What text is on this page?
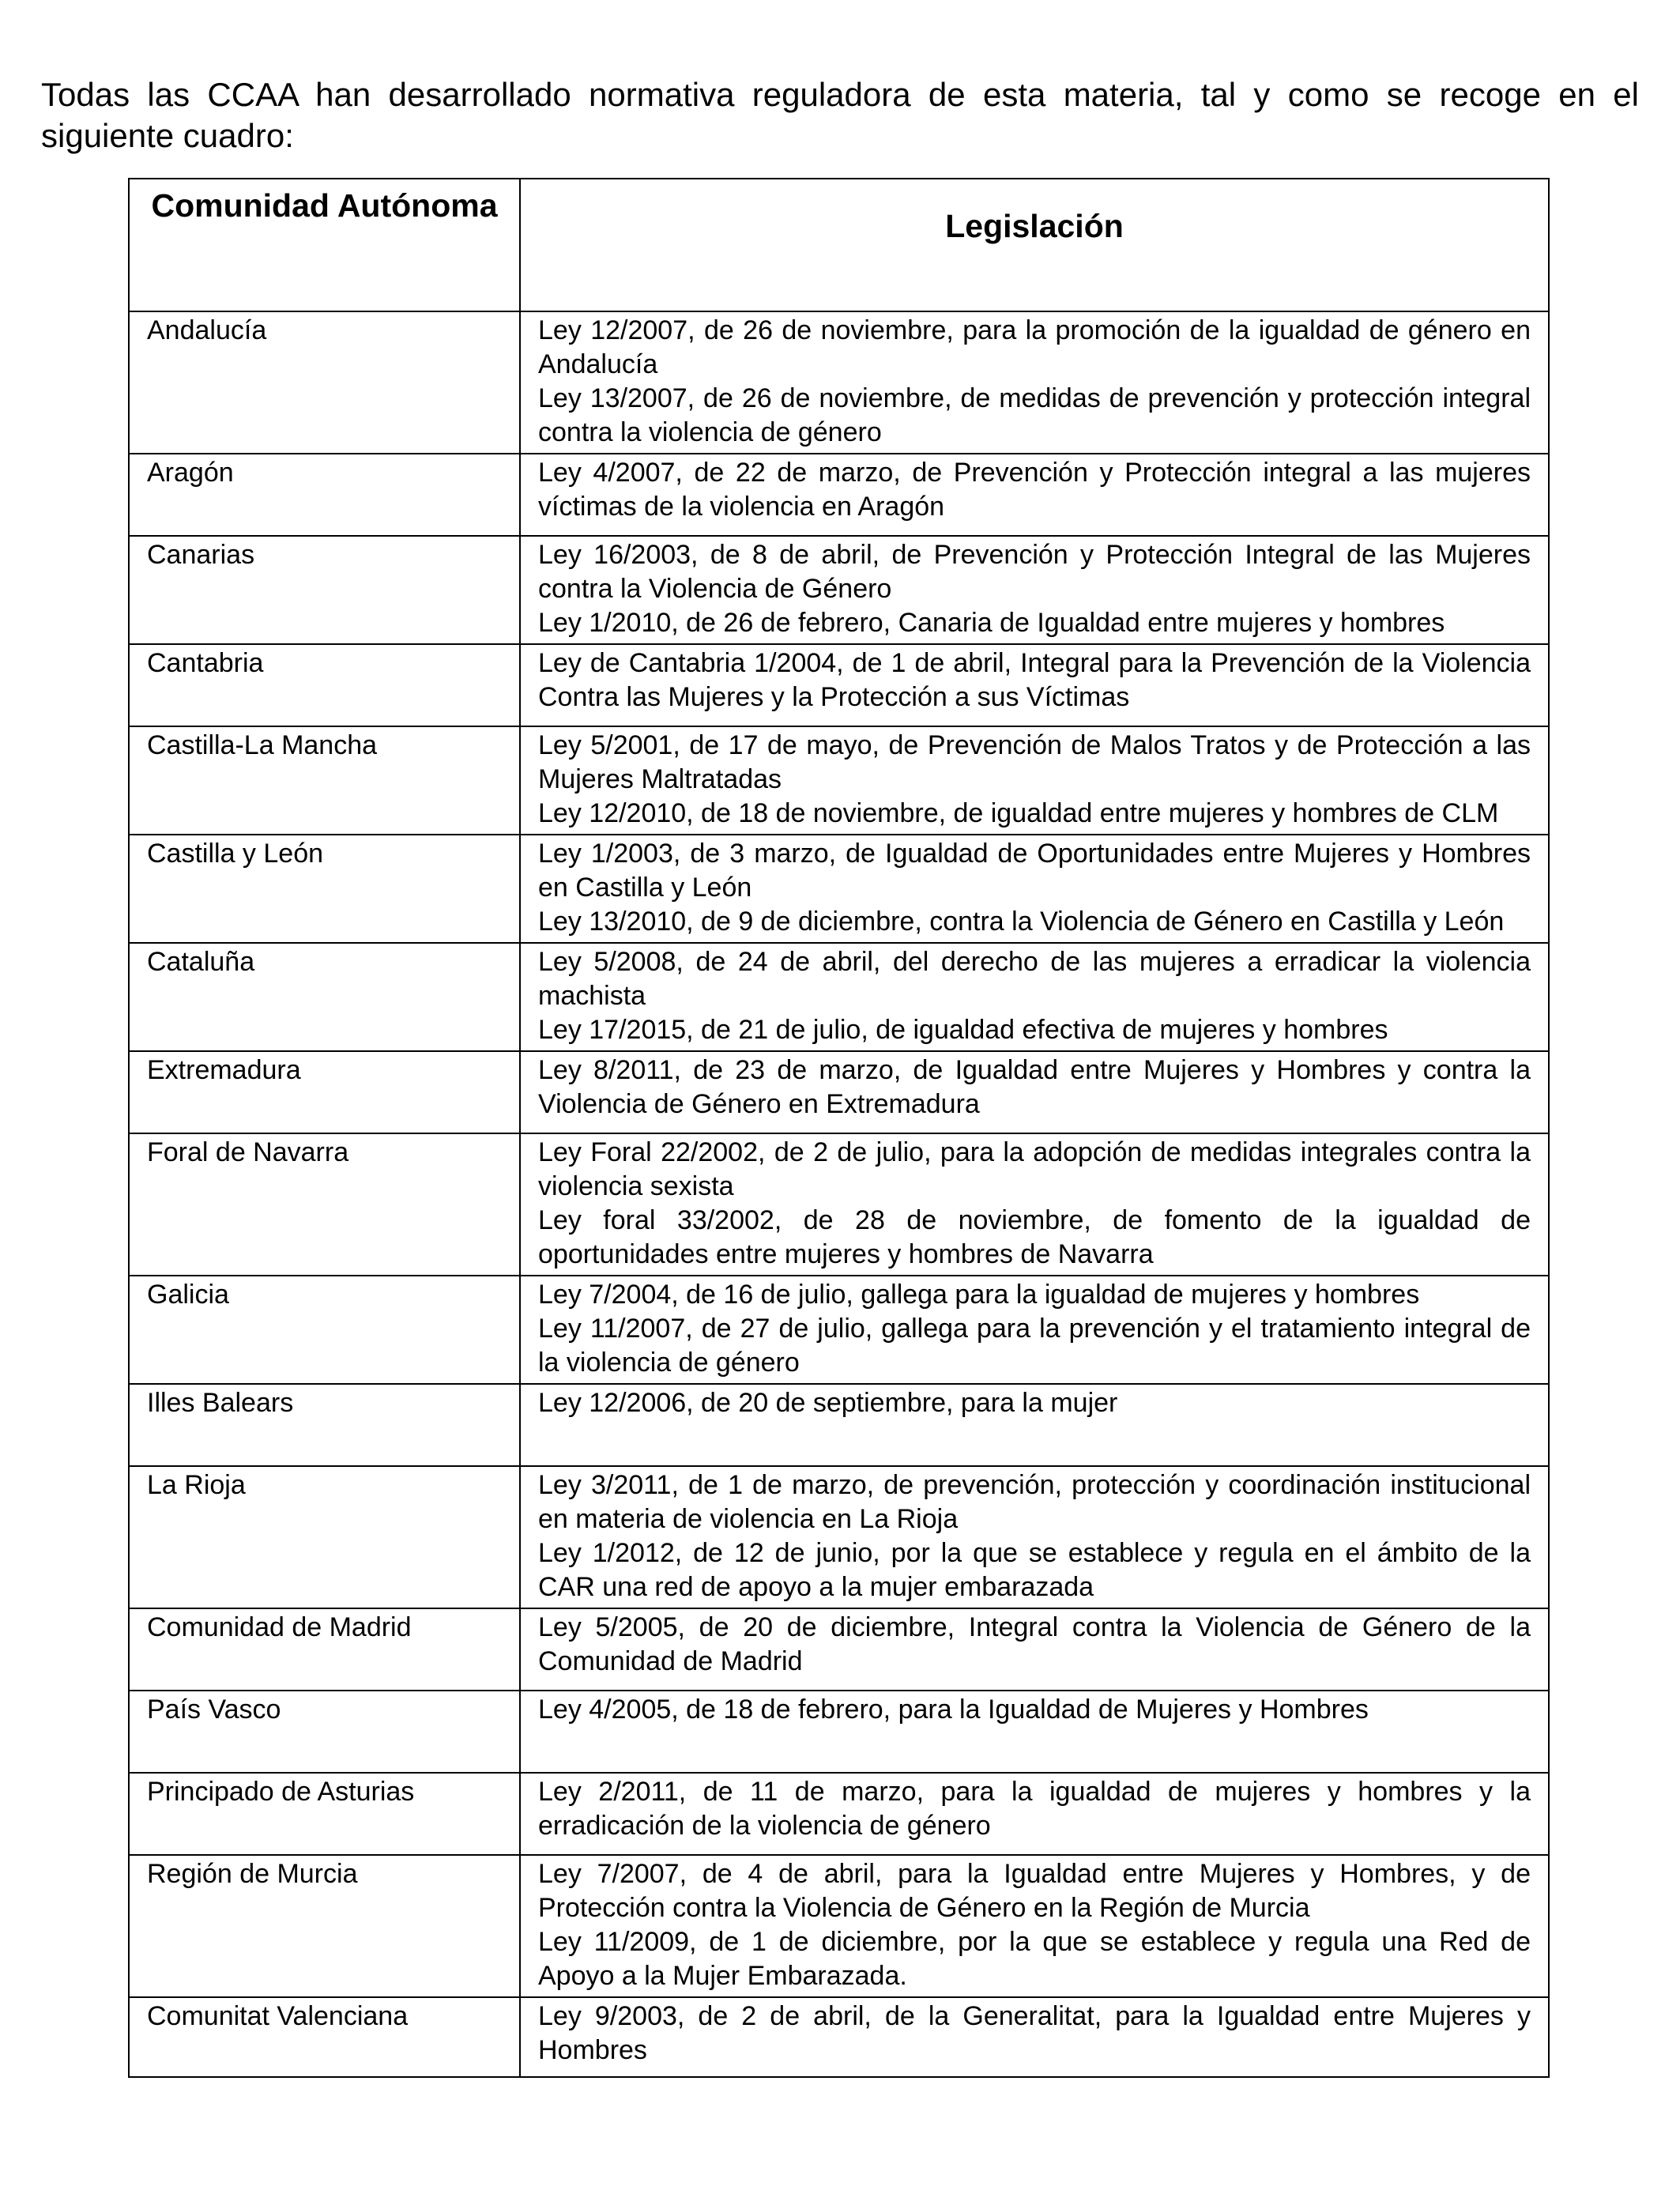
Todas las CCAA han desarrollado normativa reguladora de esta materia, tal y como se recoge en el siguiente cuadro:

Comunidad Autónoma	Legislación
Andalucía	Ley 12/2007, de 26 de noviembre, para la promoción de la igualdad de género en Andalucía
Ley 13/2007, de 26 de noviembre, de medidas de prevención y protección integral contra la violencia de género

Aragón	Ley 4/2007, de 22 de marzo, de Prevención y Protección integral a las mujeres víctimas de la violencia en Aragón

Canarias	Ley 16/2003, de 8 de abril, de Prevención y Protección Integral de las Mujeres contra la Violencia de Género
Ley 1/2010, de 26 de febrero, Canaria de Igualdad entre mujeres y hombres

Cantabria	Ley de Cantabria 1/2004, de 1 de abril, Integral para la Prevención de la Violencia Contra las Mujeres y la Protección a sus Víctimas

Castilla-La Mancha	Ley 5/2001, de 17 de mayo, de Prevención de Malos Tratos y de Protección a las Mujeres Maltratadas
Ley 12/2010, de 18 de noviembre, de igualdad entre mujeres y hombres de CLM

Castilla y León	Ley 1/2003, de 3 marzo, de Igualdad de Oportunidades entre Mujeres y Hombres en Castilla y León
Ley 13/2010, de 9 de diciembre, contra la Violencia de Género en Castilla y León

Cataluña	Ley 5/2008, de 24 de abril, del derecho de las mujeres a erradicar la violencia machista
Ley 17/2015, de 21 de julio, de igualdad efectiva de mujeres y hombres

Extremadura	Ley 8/2011, de 23 de marzo, de Igualdad entre Mujeres y Hombres y contra la Violencia de Género en Extremadura

Foral de Navarra	Ley Foral 22/2002, de 2 de julio, para la adopción de medidas integrales contra la violencia sexista
Ley foral 33/2002, de 28 de noviembre, de fomento de la igualdad de oportunidades entre mujeres y hombres de Navarra

Galicia	Ley 7/2004, de 16 de julio, gallega para la igualdad de mujeres y hombres
Ley 11/2007, de 27 de julio, gallega para la prevención y el tratamiento integral de la violencia de género

Illes Balears	Ley 12/2006, de 20 de septiembre, para la mujer

La Rioja	Ley 3/2011, de 1 de marzo, de prevención, protección y coordinación institucional en materia de violencia en La Rioja
Ley 1/2012, de 12 de junio, por la que se establece y regula en el ámbito de la CAR una red de apoyo a la mujer embarazada

Comunidad de Madrid	Ley 5/2005, de 20 de diciembre, Integral contra la Violencia de Género de la Comunidad de Madrid

País Vasco	Ley 4/2005, de 18 de febrero, para la Igualdad de Mujeres y Hombres

Principado de Asturias	Ley 2/2011, de 11 de marzo, para la igualdad de mujeres y hombres y la erradicación de la violencia de género

Región de Murcia	Ley 7/2007, de 4 de abril, para la Igualdad entre Mujeres y Hombres, y de Protección contra la Violencia de Género en la Región de Murcia
Ley 11/2009, de 1 de diciembre, por la que se establece y regula una Red de Apoyo a la Mujer Embarazada.

Comunitat Valenciana	Ley 9/2003, de 2 de abril, de la Generalitat, para la Igualdad entre Mujeres y Hombres
